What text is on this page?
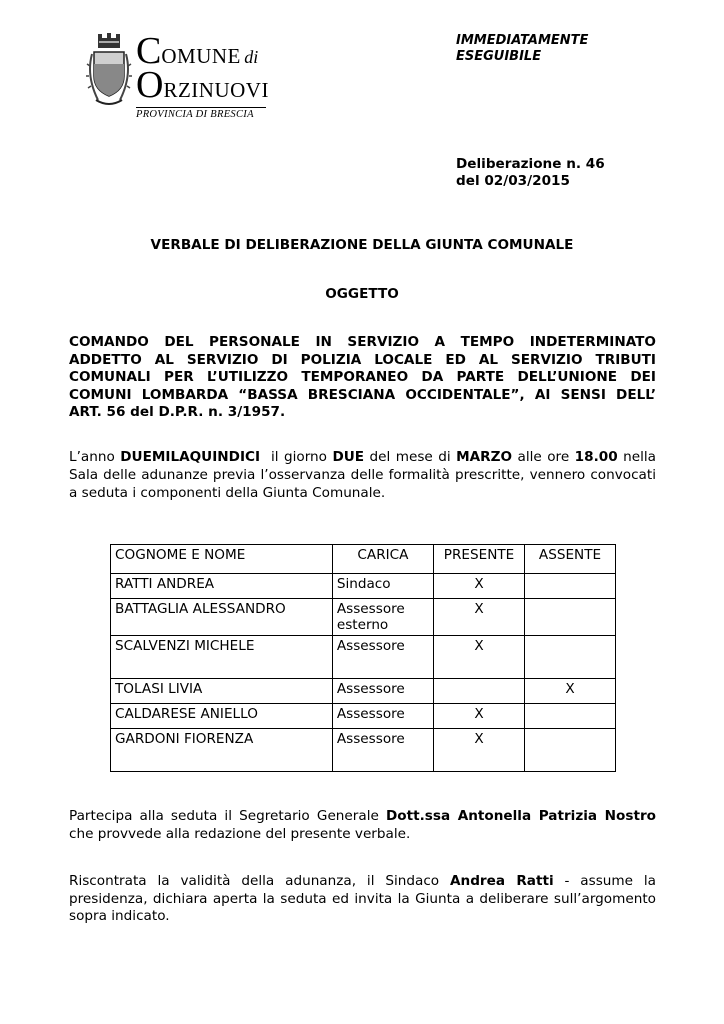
COMUNE di
ORZINUOVI
PROVINCIA DI BRESCIA
IMMEDIATAMENTE
ESEGUIBILE
Deliberazione n. 46
del 02/03/2015
VERBALE DI DELIBERAZIONE DELLA GIUNTA COMUNALE
OGGETTO
COMANDO DEL PERSONALE IN SERVIZIO A TEMPO INDETERMINATO
ADDETTO AL SERVIZIO DI POLIZIA LOCALE ED AL SERVIZIO TRIBUTI
COMUNALI PER L’UTILIZZO TEMPORANEO DA PARTE DELL’UNIONE DEI
COMUNI LOMBARDA “BASSA BRESCIANA OCCIDENTALE”, AI SENSI DELL’
ART. 56 del D.P.R. n. 3/1957.
L’anno DUEMILAQUINDICI  il giorno DUE del mese di MARZO alle ore 18.00 nella Sala delle adunanze previa l’osservanza delle formalità prescritte, vennero convocati a seduta i componenti della Giunta Comunale.
COGNOME E NOME	CARICA	PRESENTE	ASSENTE
RATTI ANDREA	Sindaco	X	
BATTAGLIA ALESSANDRO	Assessore esterno	X	
SCALVENZI MICHELE	Assessore	X	
TOLASI LIVIA	Assessore		X
CALDARESE ANIELLO	Assessore	X	
GARDONI FIORENZA	Assessore	X	
Partecipa alla seduta il Segretario Generale Dott.ssa Antonella Patrizia Nostro che provvede alla redazione del presente verbale.
Riscontrata la validità della adunanza, il Sindaco Andrea Ratti - assume la presidenza, dichiara aperta la seduta ed invita la Giunta a deliberare sull’argomento sopra indicato.
